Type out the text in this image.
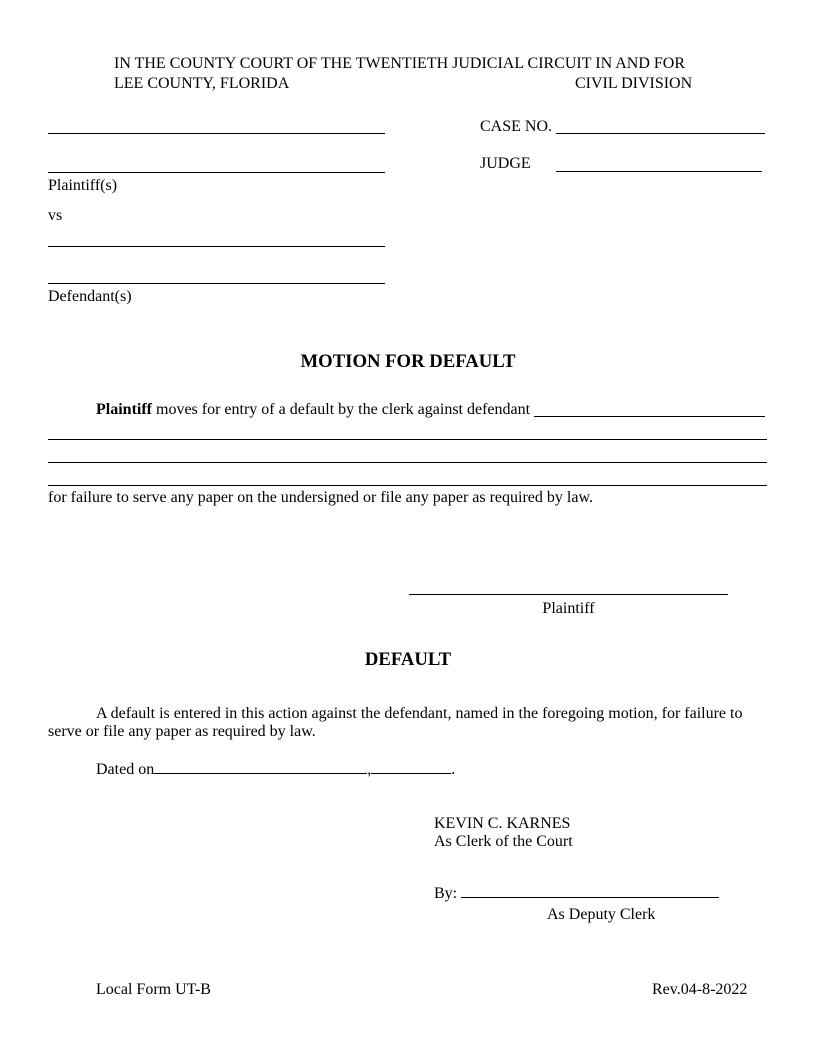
IN THE COUNTY COURT OF THE TWENTIETH JUDICIAL CIRCUIT IN AND FOR
LEE COUNTY, FLORIDA	CIVIL DIVISION
Plaintiff(s)
vs
Defendant(s)
CASE NO.
JUDGE
MOTION FOR DEFAULT
Plaintiff moves for entry of a default by the clerk against defendant
for failure to serve any paper on the undersigned or file any paper as required by law.
Plaintiff
DEFAULT
A default is entered in this action against the defendant, named in the foregoing motion, for failure to
serve or file any paper as required by law.
Dated on	,	.
KEVIN C. KARNES
As Clerk of the Court
By:
As Deputy Clerk
Local Form UT-B	Rev.04-8-2022
